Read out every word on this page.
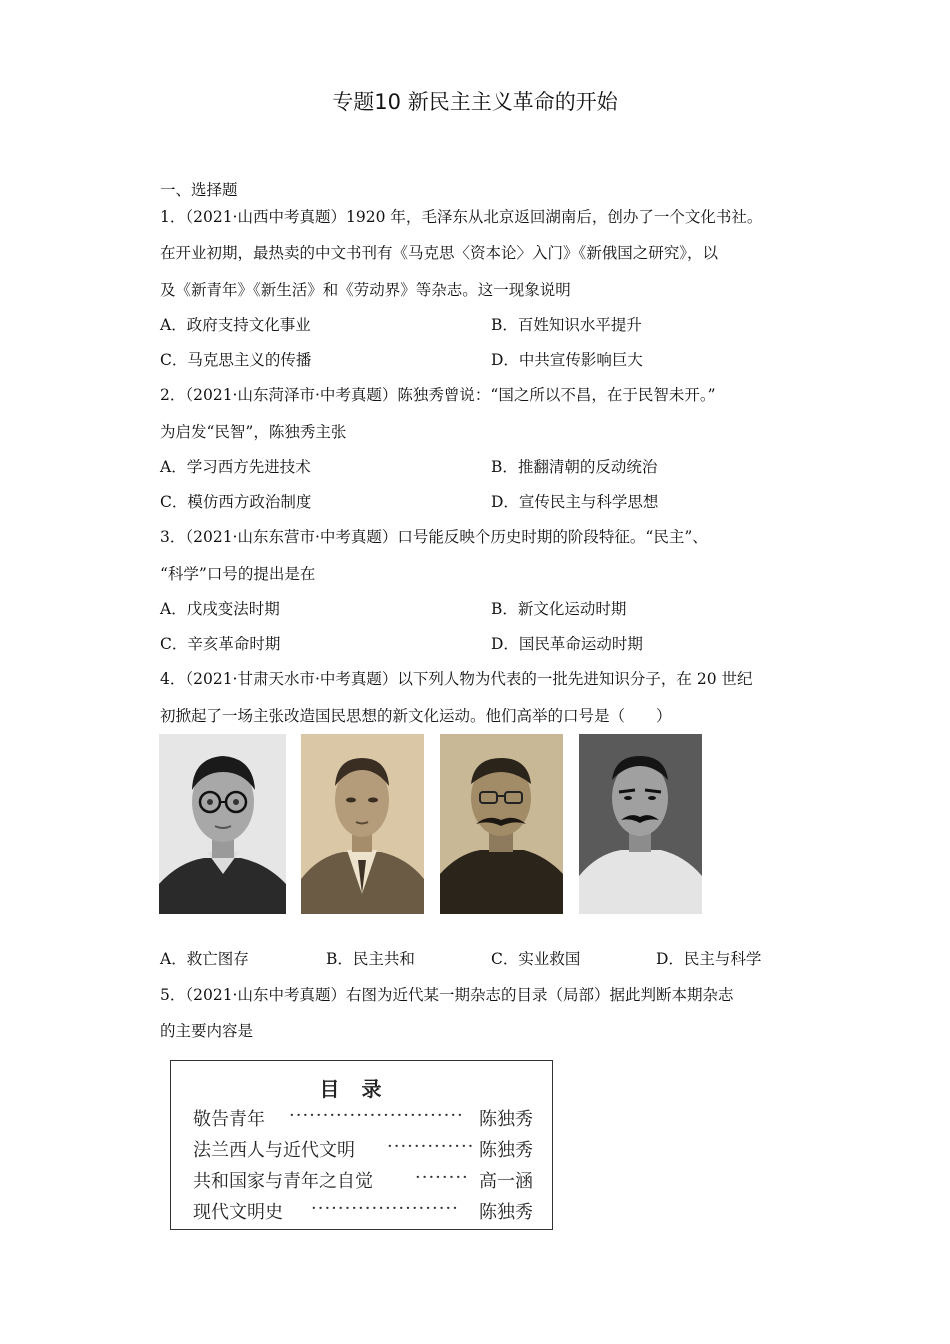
专题10 新民主主义革命的开始
一、选择题
1．（2021·山西中考真题）1920 年，毛泽东从北京返回湖南后，创办了一个文化书社。
在开业初期，最热卖的中文书刊有《马克思〈资本论〉入门》《新俄国之研究》，以
及《新青年》《新生活》和《劳动界》等杂志。这一现象说明
A．政府支持文化事业	B．百姓知识水平提升
C．马克思主义的传播	D．中共宣传影响巨大
2．（2021·山东菏泽市·中考真题）陈独秀曾说：“国之所以不昌，在于民智未开。”
为启发“民智”，陈独秀主张
A．学习西方先进技术	B．推翻清朝的反动统治
C．模仿西方政治制度	D．宣传民主与科学思想
3．（2021·山东东营市·中考真题）口号能反映个历史时期的阶段特征。“民主”、
“科学”口号的提出是在
A．戊戌变法时期	B．新文化运动时期
C．辛亥革命时期	D．国民革命运动时期
4．（2021·甘肃天水市·中考真题）以下列人物为代表的一批先进知识分子，在 20 世纪
初掀起了一场主张改造国民思想的新文化运动。他们高举的口号是（　　）
A．救亡图存	B．民主共和	C．实业救国	D．民主与科学
5．（2021·山东中考真题）右图为近代某一期杂志的目录（局部）据此判断本期杂志
的主要内容是
目录
敬告青年 ·························· 陈独秀
法兰西人与近代文明 ············· 陈独秀
共和国家与青年之自觉 ········ 高一涵
现代文明史 ······················ 陈独秀
